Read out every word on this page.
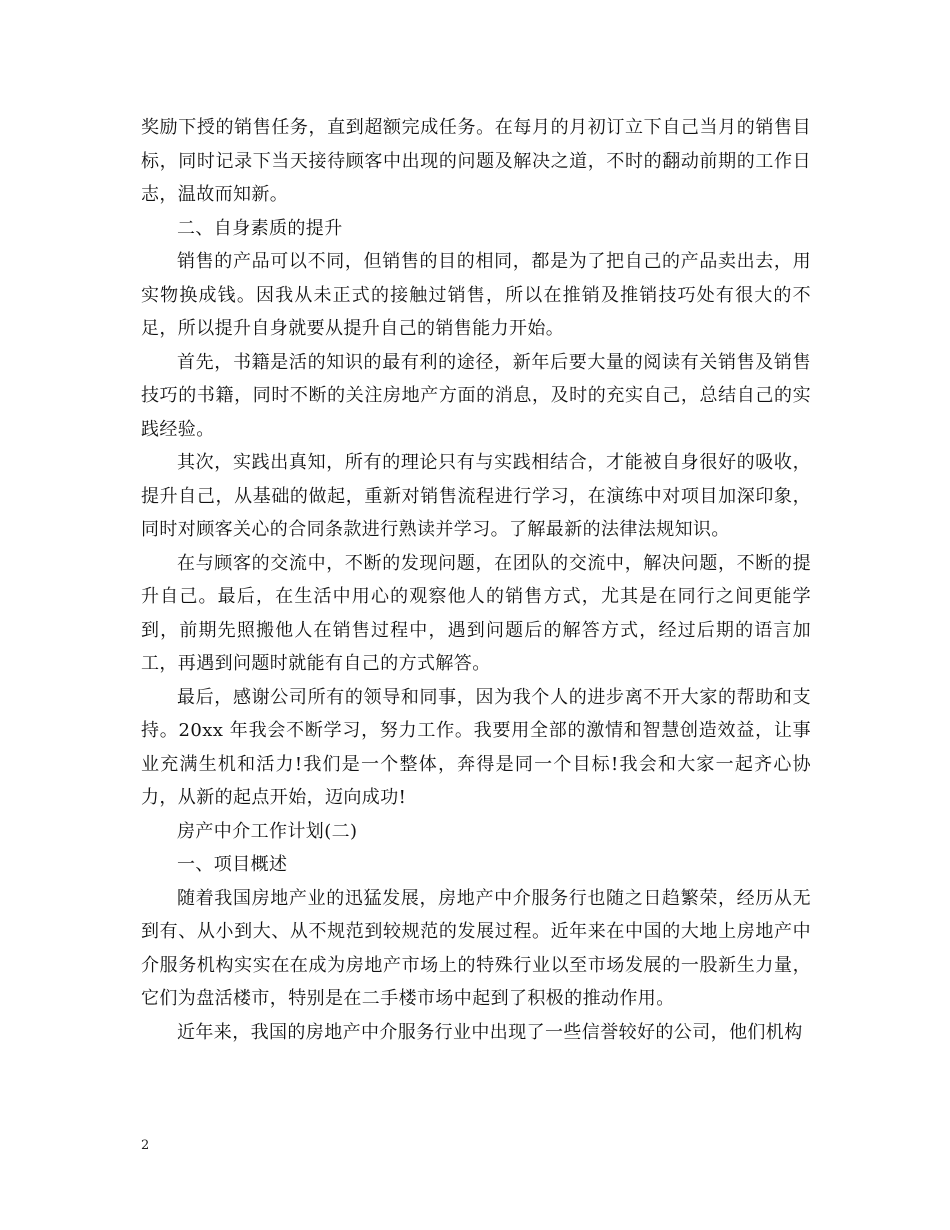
奖励下授的销售任务，直到超额完成任务。在每月的月初订立下自己当月的销售目标，同时记录下当天接待顾客中出现的问题及解决之道，不时的翻动前期的工作日志，温故而知新。

二、自身素质的提升

销售的产品可以不同，但销售的目的相同，都是为了把自己的产品卖出去，用实物换成钱。因我从未正式的接触过销售，所以在推销及推销技巧处有很大的不足，所以提升自身就要从提升自己的销售能力开始。

首先，书籍是活的知识的最有利的途径，新年后要大量的阅读有关销售及销售技巧的书籍，同时不断的关注房地产方面的消息，及时的充实自己，总结自己的实践经验。

其次，实践出真知，所有的理论只有与实践相结合，才能被自身很好的吸收，提升自己，从基础的做起，重新对销售流程进行学习，在演练中对项目加深印象，同时对顾客关心的合同条款进行熟读并学习。了解最新的法律法规知识。

在与顾客的交流中，不断的发现问题，在团队的交流中，解决问题，不断的提升自己。最后，在生活中用心的观察他人的销售方式，尤其是在同行之间更能学到，前期先照搬他人在销售过程中，遇到问题后的解答方式，经过后期的语言加工，再遇到问题时就能有自己的方式解答。

最后，感谢公司所有的领导和同事，因为我个人的进步离不开大家的帮助和支持。20xx 年我会不断学习，努力工作。我要用全部的激情和智慧创造效益，让事业充满生机和活力!我们是一个整体，奔得是同一个目标!我会和大家一起齐心协力，从新的起点开始，迈向成功!

房产中介工作计划(二)

一、项目概述

随着我国房地产业的迅猛发展，房地产中介服务行也随之日趋繁荣，经历从无到有、从小到大、从不规范到较规范的发展过程。近年来在中国的大地上房地产中介服务机构实实在在成为房地产市场上的特殊行业以至市场发展的一股新生力量，它们为盘活楼市，特别是在二手楼市场中起到了积极的推动作用。

近年来，我国的房地产中介服务行业中出现了一些信誉较好的公司，他们机构

2
